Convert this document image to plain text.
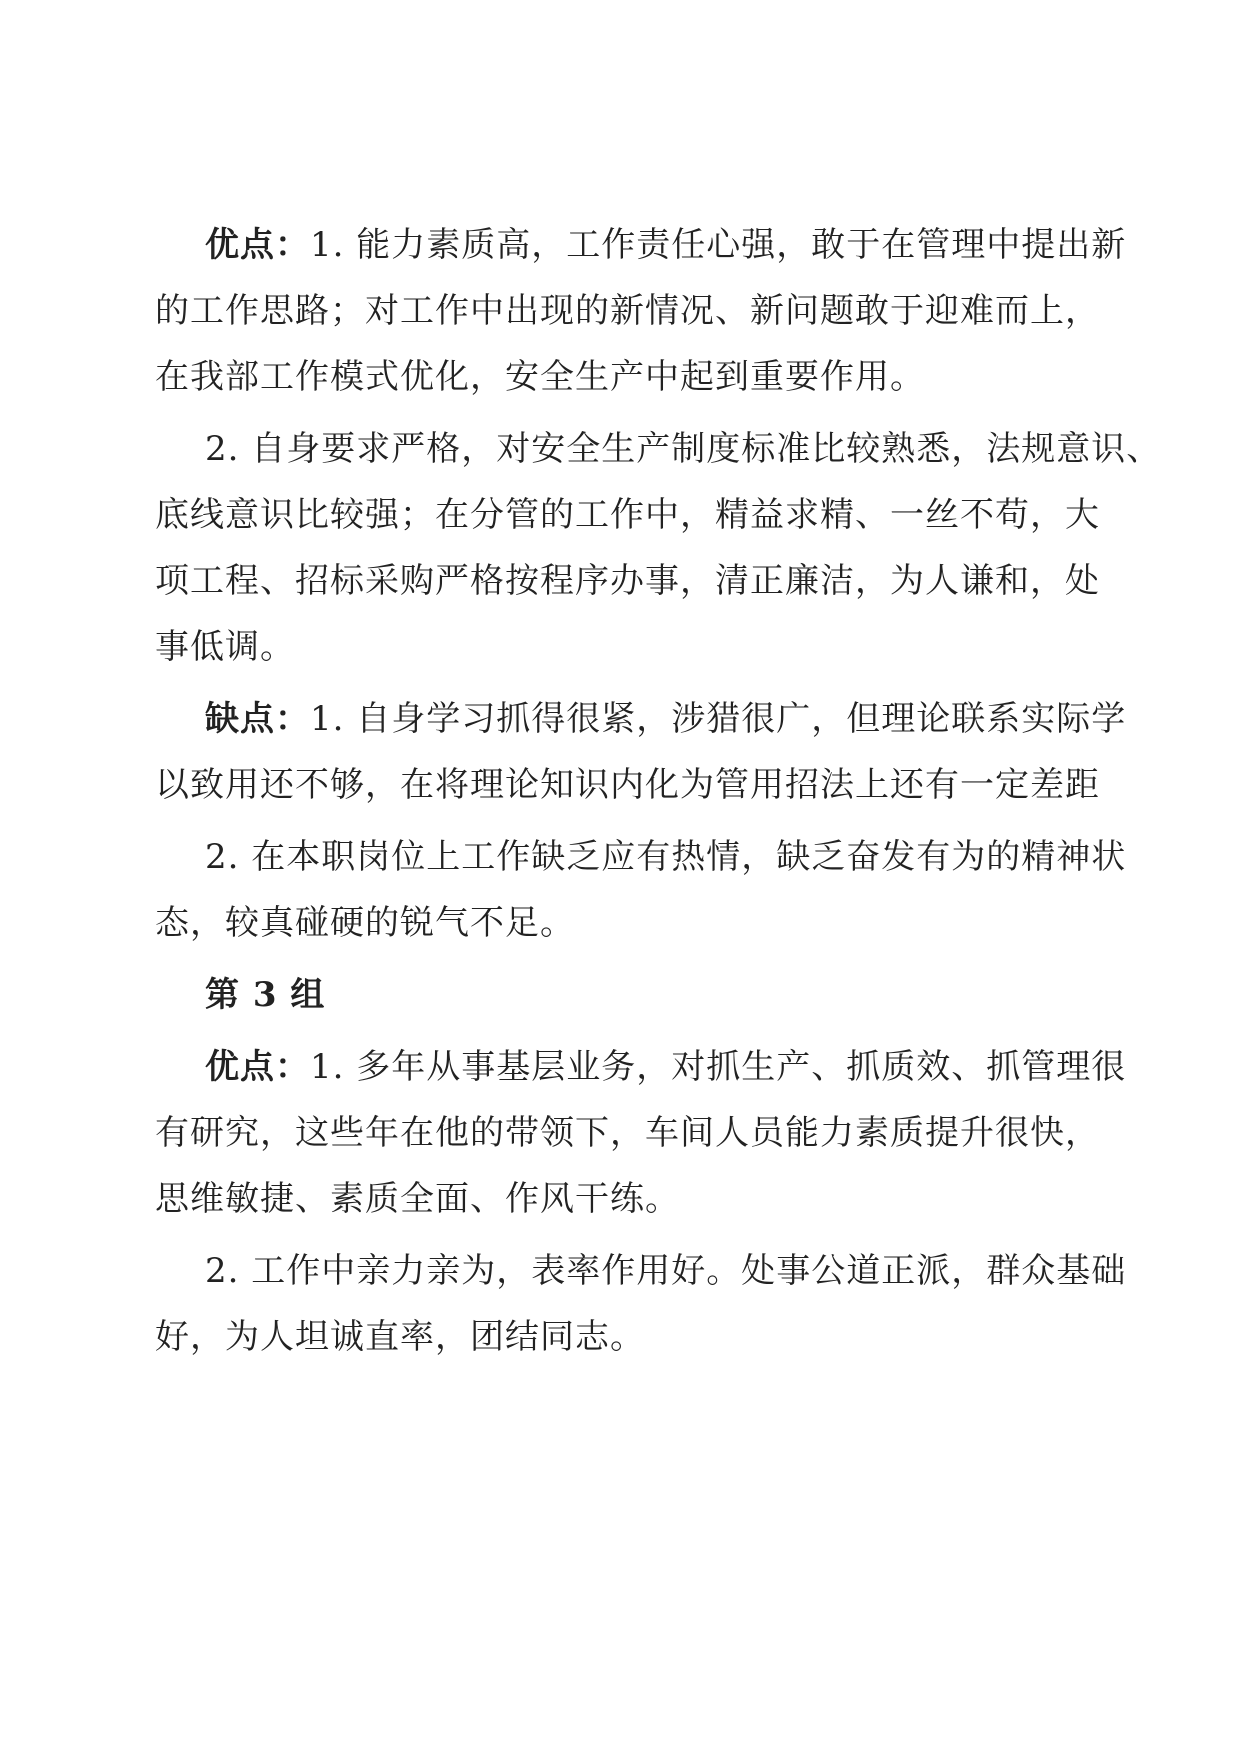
优点：1. 能力素质高，工作责任心强，敢于在管理中提出新
的工作思路；对工作中出现的新情况、新问题敢于迎难而上，
在我部工作模式优化，安全生产中起到重要作用。
2. 自身要求严格，对安全生产制度标准比较熟悉，法规意识、
底线意识比较强；在分管的工作中，精益求精、一丝不苟，大
项工程、招标采购严格按程序办事，清正廉洁，为人谦和，处
事低调。
缺点：1. 自身学习抓得很紧，涉猎很广，但理论联系实际学
以致用还不够，在将理论知识内化为管用招法上还有一定差距
2. 在本职岗位上工作缺乏应有热情，缺乏奋发有为的精神状
态，较真碰硬的锐气不足。
第 3 组
优点：1. 多年从事基层业务，对抓生产、抓质效、抓管理很
有研究，这些年在他的带领下，车间人员能力素质提升很快，
思维敏捷、素质全面、作风干练。
2. 工作中亲力亲为，表率作用好。处事公道正派，群众基础
好，为人坦诚直率，团结同志。
